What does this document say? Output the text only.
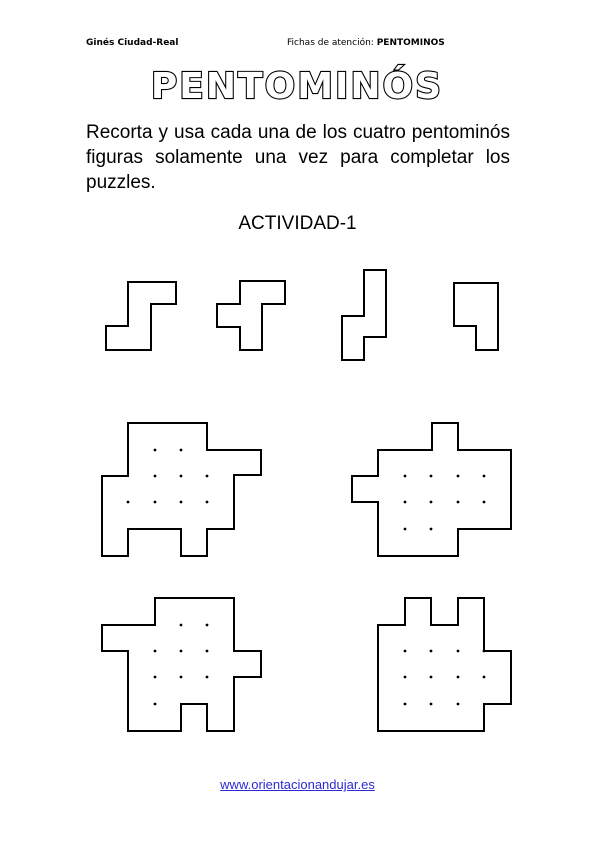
Ginés Ciudad-Real	Fichas de atención: PENTOMINOS
PENTOMINÓS
Recorta y usa cada una de los cuatro pentominós figuras solamente una vez para completar los puzzles.
ACTIVIDAD-1
www.orientacionandujar.es
